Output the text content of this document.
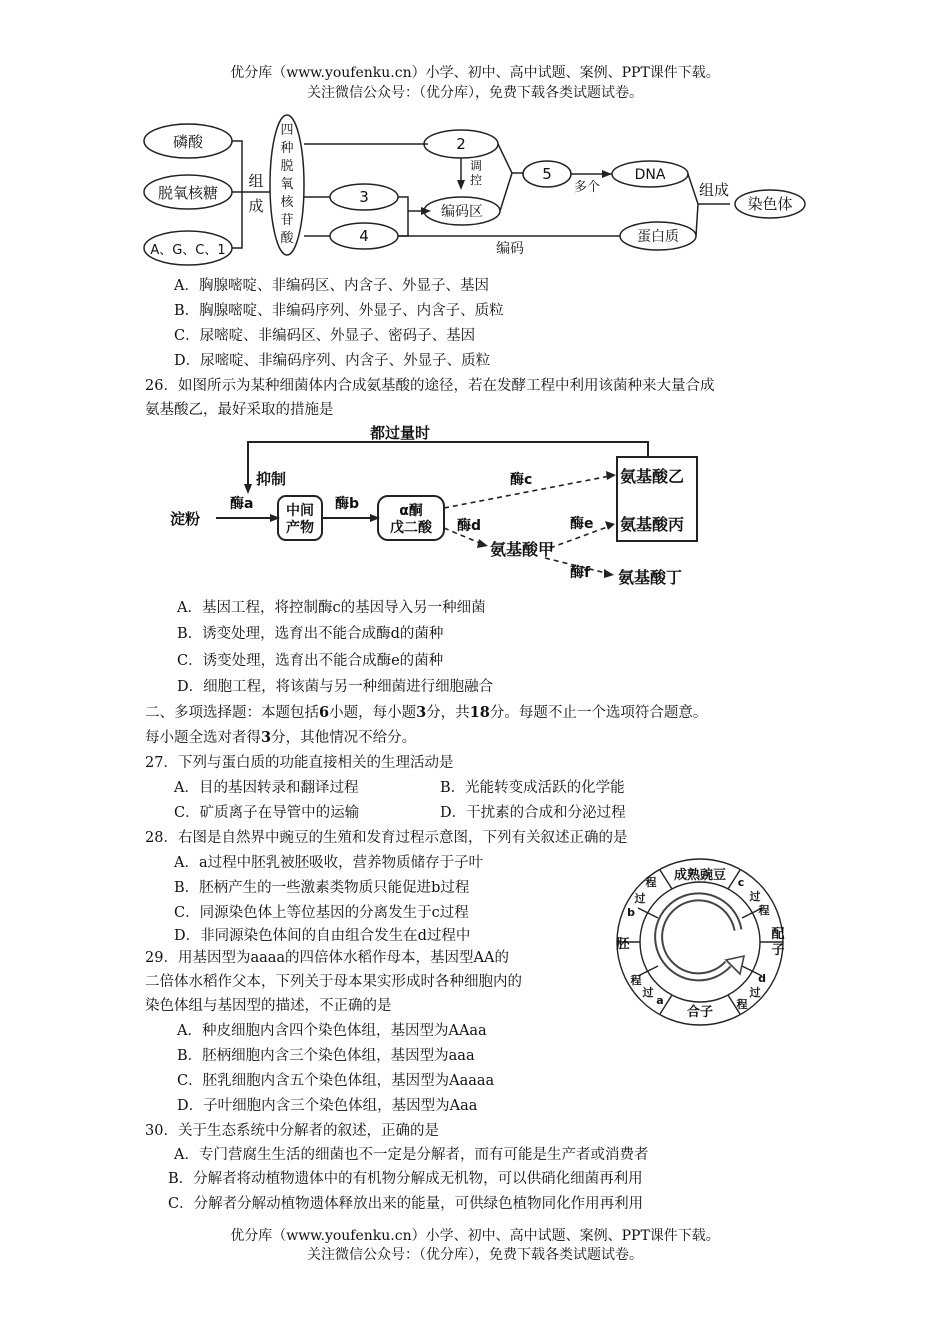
优分库（www.youfenku.cn）小学、初中、高中试题、案例、PPT课件下载。
关注微信公众号：（优分库），免费下载各类试题试卷。
磷酸
脱氧核糖
A、G、C、1
组
成
四
种
脱
氧
核
苷
酸
2
3
4
5
调
控
编码区
多个
DNA
组成
染色体
蛋白质
编码
A．胸腺嘧啶、非编码区、内含子、外显子、基因
B．胸腺嘧啶、非编码序列、外显子、内含子、质粒
C．尿嘧啶、非编码区、外显子、密码子、基因
D．尿嘧啶、非编码序列、内含子、外显子、质粒
26．如图所示为某种细菌体内合成氨基酸的途径，若在发酵工程中利用该菌种来大量合成
氨基酸乙，最好采取的措施是
都过量时
抑制
淀粉
酶a 中间
产物
酶b	α酮
戊二酸
酶c
酶d	酶e
酶f
氨基酸乙
氨基酸丙
氨基酸甲
氨基酸丁
A．基因工程，将控制酶c的基因导入另一种细菌
B．诱变处理，选育出不能合成酶d的菌种
C．诱变处理，选育出不能合成酶e的菌种
D．细胞工程，将该菌与另一种细菌进行细胞融合
二、多项选择题：本题包括6小题，每小题3分，共18分。每题不止一个选项符合题意。
每小题全选对者得3分，其他情况不给分。
27．下列与蛋白质的功能直接相关的生理活动是
A．目的基因转录和翻译过程	B．光能转变成活跃的化学能
C．矿质离子在导管中的运输	D．干扰素的合成和分泌过程
28．右图是自然界中豌豆的生殖和发育过程示意图，下列有关叙述正确的是
A．a过程中胚乳被胚吸收，营养物质储存于子叶
B．胚柄产生的一些激素类物质只能促进b过程
C．同源染色体上等位基因的分离发生于c过程
D．非同源染色体间的自由组合发生在d过程中
成熟豌豆 c
过
程
配
子
d
过
程
合子
过
a
程
胚
程
过
b
29．用基因型为aaaa的四倍体水稻作母本，基因型AA的
二倍体水稻作父本，下列关于母本果实形成时各种细胞内的
染色体组与基因型的描述，不正确的是
A．种皮细胞内含四个染色体组，基因型为AAaa
B．胚柄细胞内含三个染色体组，基因型为aaa
C．胚乳细胞内含五个染色体组，基因型为Aaaaa
D．子叶细胞内含三个染色体组，基因型为Aaa
30．关于生态系统中分解者的叙述，正确的是
A．专门营腐生生活的细菌也不一定是分解者，而有可能是生产者或消费者
B．分解者将动植物遗体中的有机物分解成无机物，可以供硝化细菌再利用
C．分解者分解动植物遗体释放出来的能量，可供绿色植物同化作用再利用
优分库（www.youfenku.cn）小学、初中、高中试题、案例、PPT课件下载。
关注微信公众号：（优分库），免费下载各类试题试卷。
